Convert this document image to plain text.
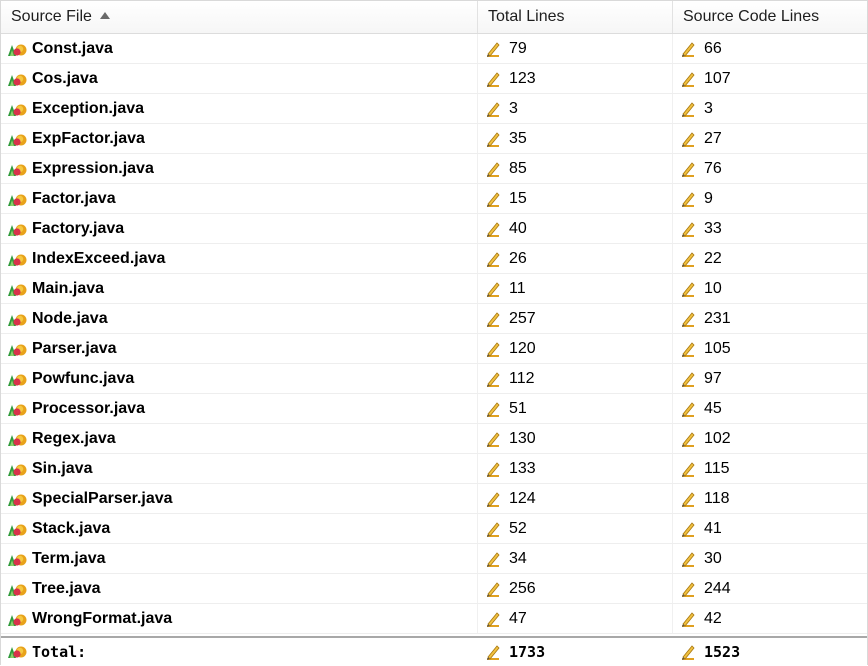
Source File	Total Lines	Source Code Lines
Const.java	79	66
Cos.java	123	107
Exception.java	3	3
ExpFactor.java	35	27
Expression.java	85	76
Factor.java	15	9
Factory.java	40	33
IndexExceed.java	26	22
Main.java	11	10
Node.java	257	231
Parser.java	120	105
Powfunc.java	112	97
Processor.java	51	45
Regex.java	130	102
Sin.java	133	115
SpecialParser.java	124	118
Stack.java	52	41
Term.java	34	30
Tree.java	256	244
WrongFormat.java	47	42
Total:	1733	1523
